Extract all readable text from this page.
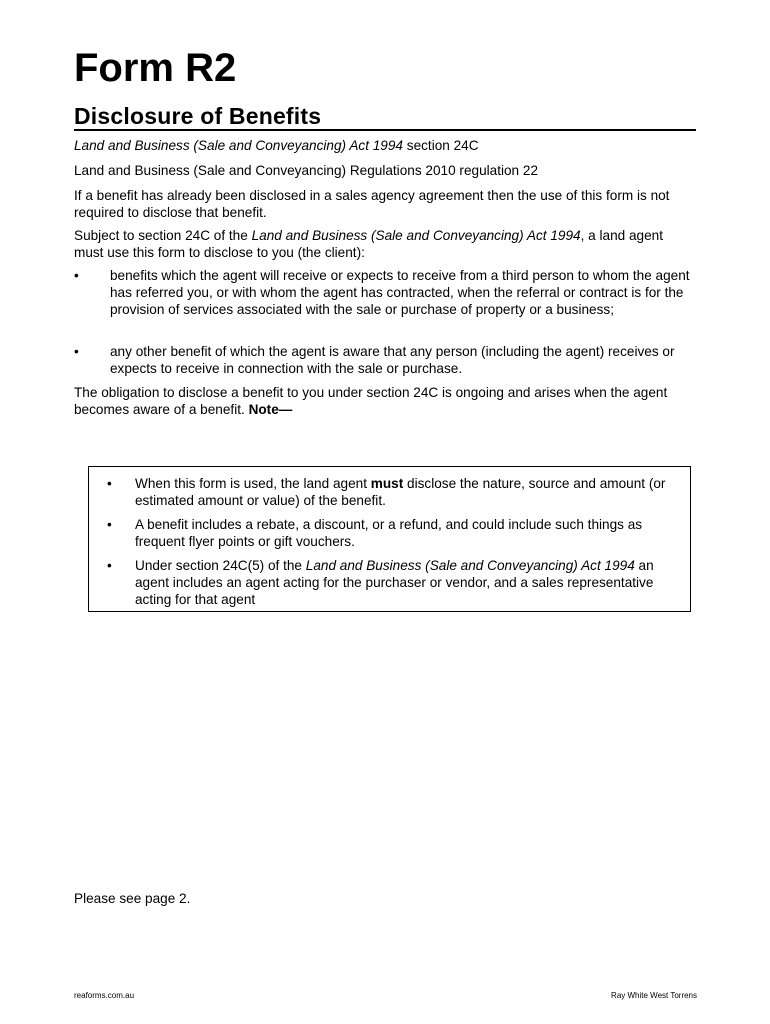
Form R2
Disclosure of Benefits

Land and Business (Sale and Conveyancing) Act 1994 section 24C

Land and Business (Sale and Conveyancing) Regulations 2010 regulation 22

If a benefit has already been disclosed in a sales agency agreement then the use of this form is not required to disclose that benefit.

Subject to section 24C of the Land and Business (Sale and Conveyancing) Act 1994, a land agent must use this form to disclose to you (the client):

• benefits which the agent will receive or expects to receive from a third person to whom the agent has referred you, or with whom the agent has contracted, when the referral or contract is for the provision of services associated with the sale or purchase of property or a business;
• any other benefit of which the agent is aware that any person (including the agent) receives or expects to receive in connection with the sale or purchase.

The obligation to disclose a benefit to you under section 24C is ongoing and arises when the agent becomes aware of a benefit. Note—

• When this form is used, the land agent must disclose the nature, source and amount (or estimated amount or value) of the benefit.
• A benefit includes a rebate, a discount, or a refund, and could include such things as frequent flyer points or gift vouchers.
• Under section 24C(5) of the Land and Business (Sale and Conveyancing) Act 1994 an agent includes an agent acting for the purchaser or vendor, and a sales representative acting for that agent

Please see page 2.

reaforms.com.au	Ray White West Torrens
